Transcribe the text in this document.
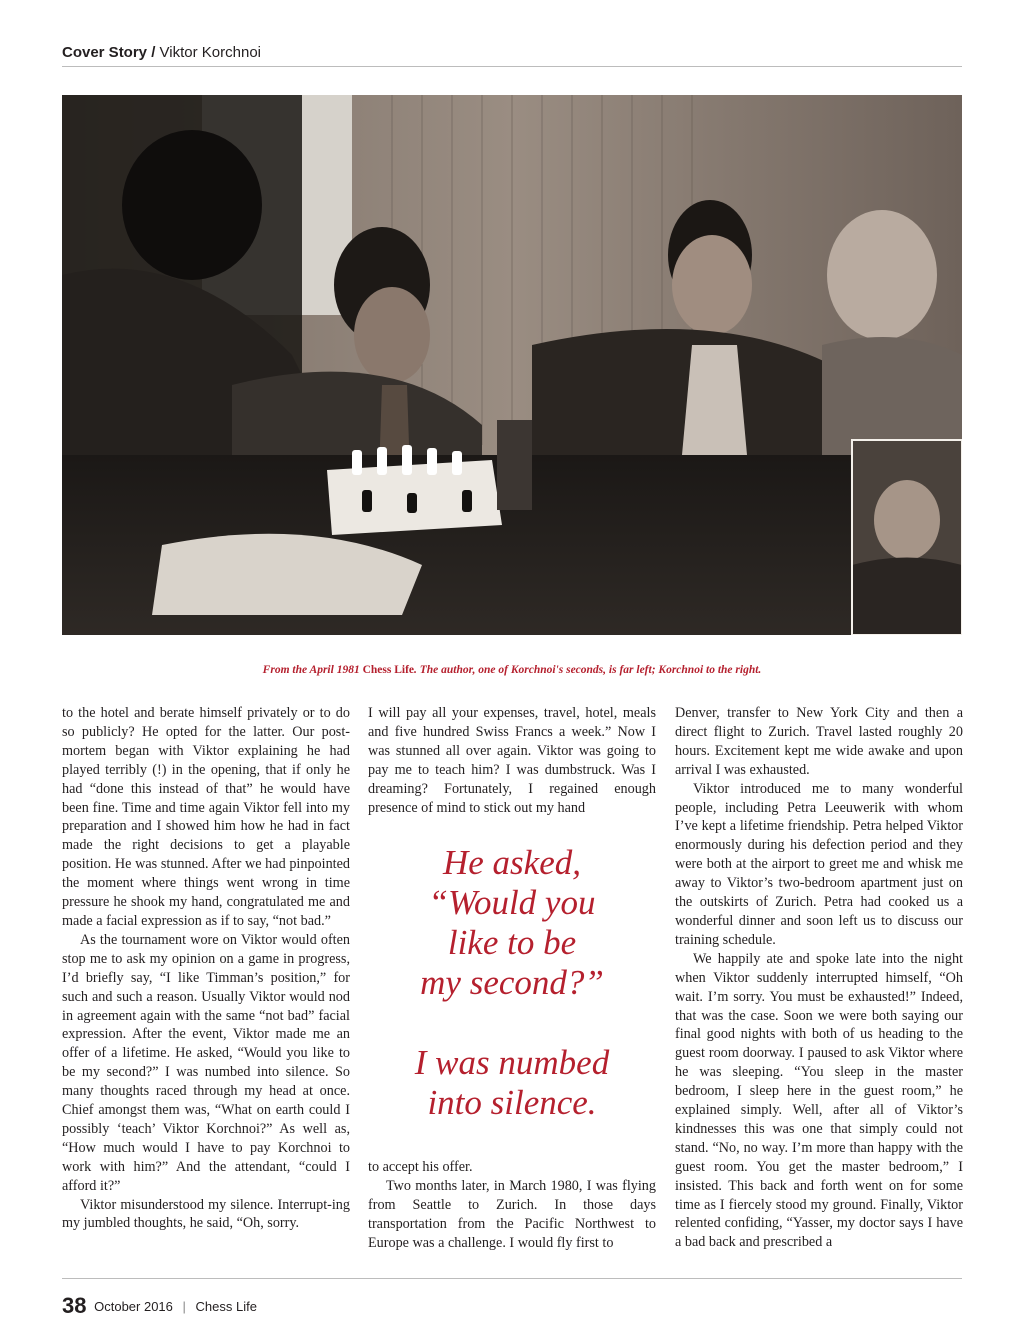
Cover Story / Viktor Korchnoi
From the April 1981 Chess Life. The author, one of Korchnoi's seconds, is far left; Korchnoi to the right.

to the hotel and berate himself privately or to do so publicly? He opted for the latter. Our post-mortem began with Viktor explaining he had played terribly (!) in the opening, that if only he had “done this instead of that” he would have been fine. Time and time again Viktor fell into my preparation and I showed him how he had in fact made the right decisions to get a playable position. He was stunned. After we had pinpointed the moment where things went wrong in time pressure he shook my hand, congratulated me and made a facial expression as if to say, “not bad.”

As the tournament wore on Viktor would often stop me to ask my opinion on a game in progress, I’d briefly say, “I like Timman’s position,” for such and such a reason. Usually Viktor would nod in agreement again with the same “not bad” facial expression. After the event, Viktor made me an offer of a lifetime. He asked, “Would you like to be my second?” I was numbed into silence. So many thoughts raced through my head at once. Chief amongst them was, “What on earth could I possibly ‘teach’ Viktor Korchnoi?” As well as, “How much would I have to pay Korchnoi to work with him?” And the attendant, “could I afford it?”

Viktor misunderstood my silence. Interrupt-ing my jumbled thoughts, he said, “Oh, sorry.

I will pay all your expenses, travel, hotel, meals and five hundred Swiss Francs a week.” Now I was stunned all over again. Viktor was going to pay me to teach him? I was dumbstruck. Was I dreaming? Fortunately, I regained enough presence of mind to stick out my hand

He asked,
“Would you
like to be
my second?”
I was numbed
into silence.

to accept his offer.

Two months later, in March 1980, I was flying from Seattle to Zurich. In those days transportation from the Pacific Northwest to Europe was a challenge. I would fly first to

Denver, transfer to New York City and then a direct flight to Zurich. Travel lasted roughly 20 hours. Excitement kept me wide awake and upon arrival I was exhausted.

Viktor introduced me to many wonderful people, including Petra Leeuwerik with whom I’ve kept a lifetime friendship. Petra helped Viktor enormously during his defection period and they were both at the airport to greet me and whisk me away to Viktor’s two-bedroom apartment just on the outskirts of Zurich. Petra had cooked us a wonderful dinner and soon left us to discuss our training schedule.

We happily ate and spoke late into the night when Viktor suddenly interrupted himself, “Oh wait. I’m sorry. You must be exhausted!” Indeed, that was the case. Soon we were both saying our final good nights with both of us heading to the guest room doorway. I paused to ask Viktor where he was sleeping. “You sleep in the master bedroom, I sleep here in the guest room,” he explained simply. Well, after all of Viktor’s kindnesses this was one that simply could not stand. “No, no way. I’m more than happy with the guest room. You get the master bedroom,” I insisted. This back and forth went on for some time as I fiercely stood my ground. Finally, Viktor relented confiding, “Yasser, my doctor says I have a bad back and prescribed a

38 October 2016 | Chess Life
